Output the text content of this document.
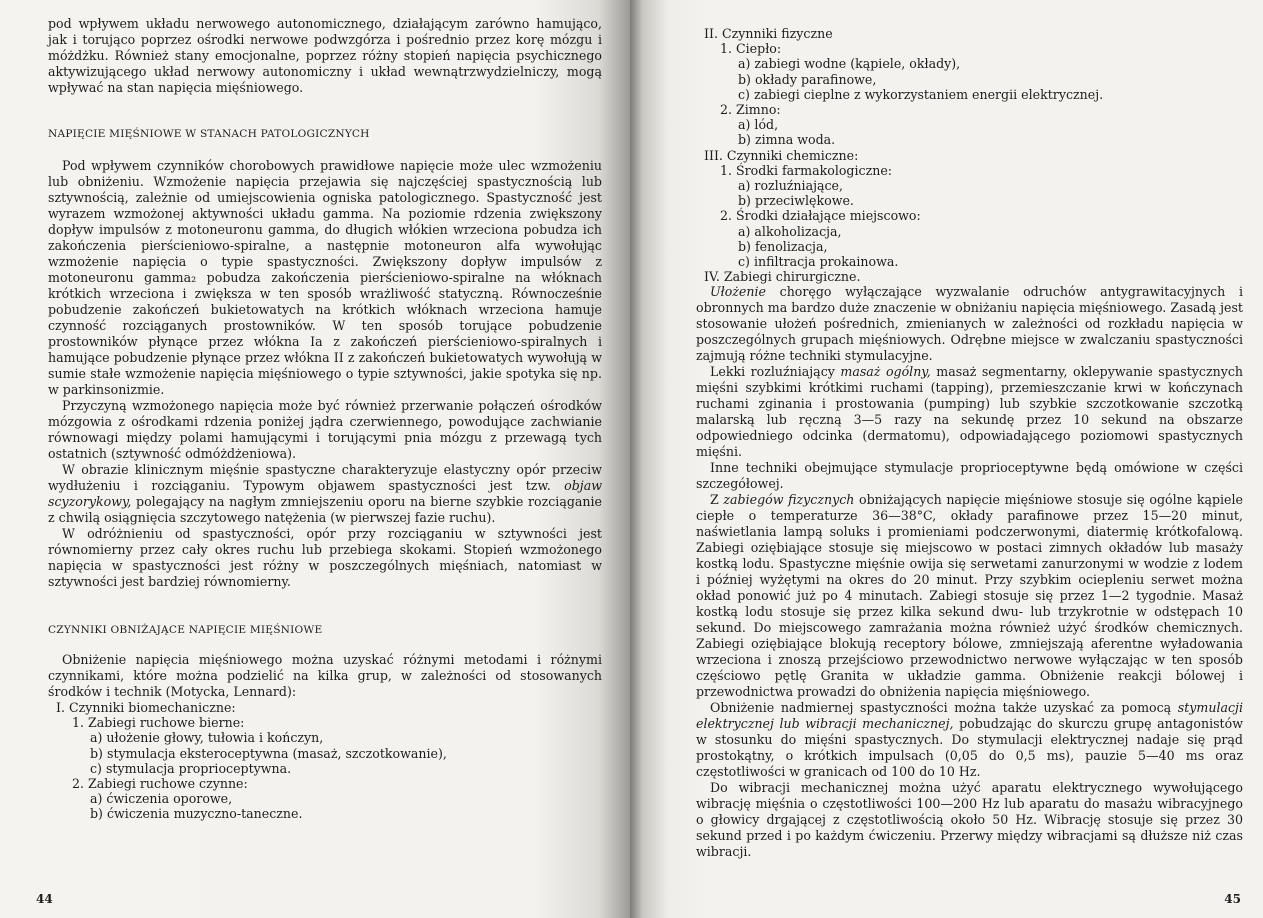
pod wpływem układu nerwowego autonomicznego, działającym zarówno hamująco, jak i torująco poprzez ośrodki nerwowe podwzgórza i pośrednio przez korę mózgu i móżdżku. Również stany emocjonalne, poprzez różny stopień napięcia psychicznego aktywizującego układ nerwowy autonomiczny i układ wewnątrzwydzielniczy, mogą wpływać na stan napięcia mięśniowego.

NAPIĘCIE MIĘŚNIOWE W STANACH PATOLOGICZNYCH

Pod wpływem czynników chorobowych prawidłowe napięcie może ulec wzmożeniu lub obniżeniu. Wzmożenie napięcia przejawia się najczęściej spastycznością lub sztywnością, zależnie od umiejscowienia ogniska patologicznego. Spastyczność jest wyrazem wzmożonej aktywności układu gamma. Na poziomie rdzenia zwiększony dopływ impulsów z motoneuronu gamma, do długich włókien wrzeciona pobudza ich zakończenia pierścieniowo-spiralne, a następnie motoneuron alfa wywołując wzmożenie napięcia o typie spastyczności. Zwiększony dopływ impulsów z motoneuronu gamma₂ pobudza zakończenia pierścieniowo-spiralne na włóknach krótkich wrzeciona i zwiększa w ten sposób wrażliwość statyczną. Równocześnie pobudzenie zakończeń bukietowatych na krótkich włóknach wrzeciona hamuje czynność rozciąganych prostowników. W ten sposób torujące pobudzenie prostowników płynące przez włókna Ia z zakończeń pierścieniowo-spiralnych i hamujące pobudzenie płynące przez włókna II z zakończeń bukietowatych wywołują w sumie stałe wzmożenie napięcia mięśniowego o typie sztywności, jakie spotyka się np. w parkinsonizmie.

Przyczyną wzmożonego napięcia może być również przerwanie połączeń ośrodków mózgowia z ośrodkami rdzenia poniżej jądra czerwiennego, powodujące zachwianie równowagi między polami hamującymi i torującymi pnia mózgu z przewagą tych ostatnich (sztywność odmóżdżeniowa).

W obrazie klinicznym mięśnie spastyczne charakteryzuje elastyczny opór przeciw wydłużeniu i rozciąganiu. Typowym objawem spastyczności jest tzw. objaw scyzorykowy, polegający na nagłym zmniejszeniu oporu na bierne szybkie rozciąganie z chwilą osiągnięcia szczytowego natężenia (w pierwszej fazie ruchu).

W odróżnieniu od spastyczności, opór przy rozciąganiu w sztywności jest równomierny przez cały okres ruchu lub przebiega skokami. Stopień wzmożonego napięcia w spastyczności jest różny w poszczególnych mięśniach, natomiast w sztywności jest bardziej równomierny.

CZYNNIKI OBNIŻAJĄCE NAPIĘCIE MIĘŚNIOWE

Obniżenie napięcia mięśniowego można uzyskać różnymi metodami i różnymi czynnikami, które można podzielić na kilka grup, w zależności od stosowanych środków i technik (Motycka, Lennard):

I. Czynniki biomechaniczne:
1. Zabiegi ruchowe bierne:
a) ułożenie głowy, tułowia i kończyn,
b) stymulacja eksteroceptywna (masaż, szczotkowanie),
c) stymulacja proprioceptywna.
2. Zabiegi ruchowe czynne:
a) ćwiczenia oporowe,
b) ćwiczenia muzyczno-taneczne.
44
II. Czynniki fizyczne
1. Ciepło:
a) zabiegi wodne (kąpiele, okłady),
b) okłady parafinowe,
c) zabiegi cieplne z wykorzystaniem energii elektrycznej.
2. Zimno:
a) lód,
b) zimna woda.
III. Czynniki chemiczne:
1. Środki farmakologiczne:
a) rozluźniające,
b) przeciwlękowe.
2. Środki działające miejscowo:
a) alkoholizacja,
b) fenolizacja,
c) infiltracja prokainowa.
IV. Zabiegi chirurgiczne.

Ułożenie choręgo wyłączające wyzwalanie odruchów antygrawitacyjnych i obronnych ma bardzo duże znaczenie w obniżaniu napięcia mięśniowego. Zasadą jest stosowanie ułożeń pośrednich, zmienianych w zależności od rozkładu napięcia w poszczególnych grupach mięśniowych. Odrębne miejsce w zwalczaniu spastyczności zajmują różne techniki stymulacyjne.

Lekki rozluźniający masaż ogólny, masaż segmentarny, oklepywanie spastycznych mięśni szybkimi krótkimi ruchami (tapping), przemieszczanie krwi w kończynach ruchami zginania i prostowania (pumping) lub szybkie szczotkowanie szczotką malarską lub ręczną 3—5 razy na sekundę przez 10 sekund na obszarze odpowiedniego odcinka (dermatomu), odpowiadającego poziomowi spastycznych mięśni.

Inne techniki obejmujące stymulacje proprioceptywne będą omówione w części szczegółowej.

Z zabiegów fizycznych obniżających napięcie mięśniowe stosuje się ogólne kąpiele ciepłe o temperaturze 36—38°C, okłady parafinowe przez 15—20 minut, naświetlania lampą soluks i promieniami podczerwonymi, diatermię krótkofalową. Zabiegi oziębiające stosuje się miejscowo w postaci zimnych okładów lub masaży kostką lodu. Spastyczne mięśnie owija się serwetami zanurzonymi w wodzie z lodem i później wyżętymi na okres do 20 minut. Przy szybkim ociepleniu serwet można okład ponowić już po 4 minutach. Zabiegi stosuje się przez 1—2 tygodnie. Masaż kostką lodu stosuje się przez kilka sekund dwu- lub trzykrotnie w odstępach 10 sekund. Do miejscowego zamrażania można również użyć środków chemicznych. Zabiegi oziębiające blokują receptory bólowe, zmniejszają aferentne wyładowania wrzeciona i znoszą przejściowo przewodnictwo nerwowe wyłączając w ten sposób częściowo pętlę Granita w układzie gamma. Obniżenie reakcji bólowej i przewodnictwa prowadzi do obniżenia napięcia mięśniowego.

Obniżenie nadmiernej spastyczności można także uzyskać za pomocą stymulacji elektrycznej lub wibracji mechanicznej, pobudzając do skurczu grupę antagonistów w stosunku do mięśni spastycznych. Do stymulacji elektrycznej nadaje się prąd prostokątny, o krótkich impulsach (0,05 do 0,5 ms), pauzie 5—40 ms oraz częstotliwości w granicach od 100 do 10 Hz.

Do wibracji mechanicznej można użyć aparatu elektrycznego wywołującego wibrację mięśnia o częstotliwości 100—200 Hz lub aparatu do masażu wibracyjnego o głowicy drgającej z częstotliwością około 50 Hz. Wibrację stosuje się przez 30 sekund przed i po każdym ćwiczeniu. Przerwy między wibracjami są dłuższe niż czas wibracji.

45
